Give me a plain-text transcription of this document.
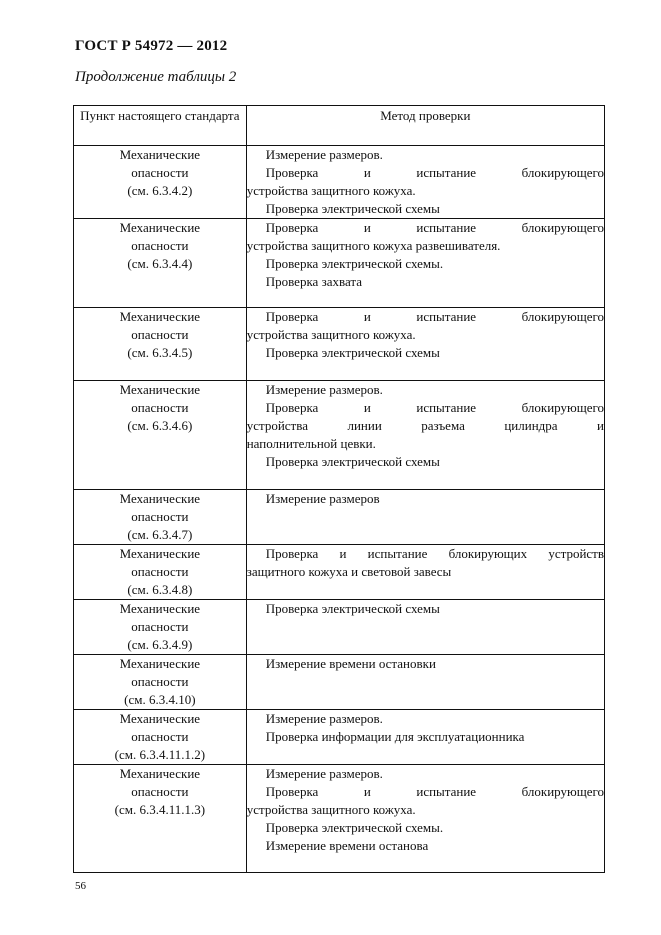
ГОСТ Р 54972 — 2012
Продолжение таблицы 2
Пункт настоящего стандарта	Метод проверки

Механические
опасности
(см. 6.3.4.2)	Измерение размеров.
Проверка и испытание блокирующего
устройства защитного кожуха.
Проверка электрической схемы

Механические
опасности
(см. 6.3.4.4)	Проверка и испытание блокирующего
устройства защитного кожуха развешивателя.
Проверка электрической схемы.
Проверка захвата

Механические
опасности
(см. 6.3.4.5)	Проверка и испытание блокирующего
устройства защитного кожуха.
Проверка электрической схемы

Механические
опасности
(см. 6.3.4.6)	Измерение размеров.
Проверка и испытание блокирующего
устройства линии разъема цилиндра и
наполнительной цевки.
Проверка электрической схемы

Механические
опасности
(см. 6.3.4.7)	Измерение размеров

Механические
опасности
(см. 6.3.4.8)	Проверка и испытание блокирующих устройств
защитного кожуха и световой завесы

Механические
опасности
(см. 6.3.4.9)	Проверка электрической схемы

Механические
опасности
(см. 6.3.4.10)	Измерение времени остановки

Механические
опасности
(см. 6.3.4.11.1.2)	Измерение размеров.
Проверка информации для эксплуатационника

Механические
опасности
(см. 6.3.4.11.1.3)	Измерение размеров.
Проверка и испытание блокирующего
устройства защитного кожуха.
Проверка электрической схемы.
Измерение времени останова
56
